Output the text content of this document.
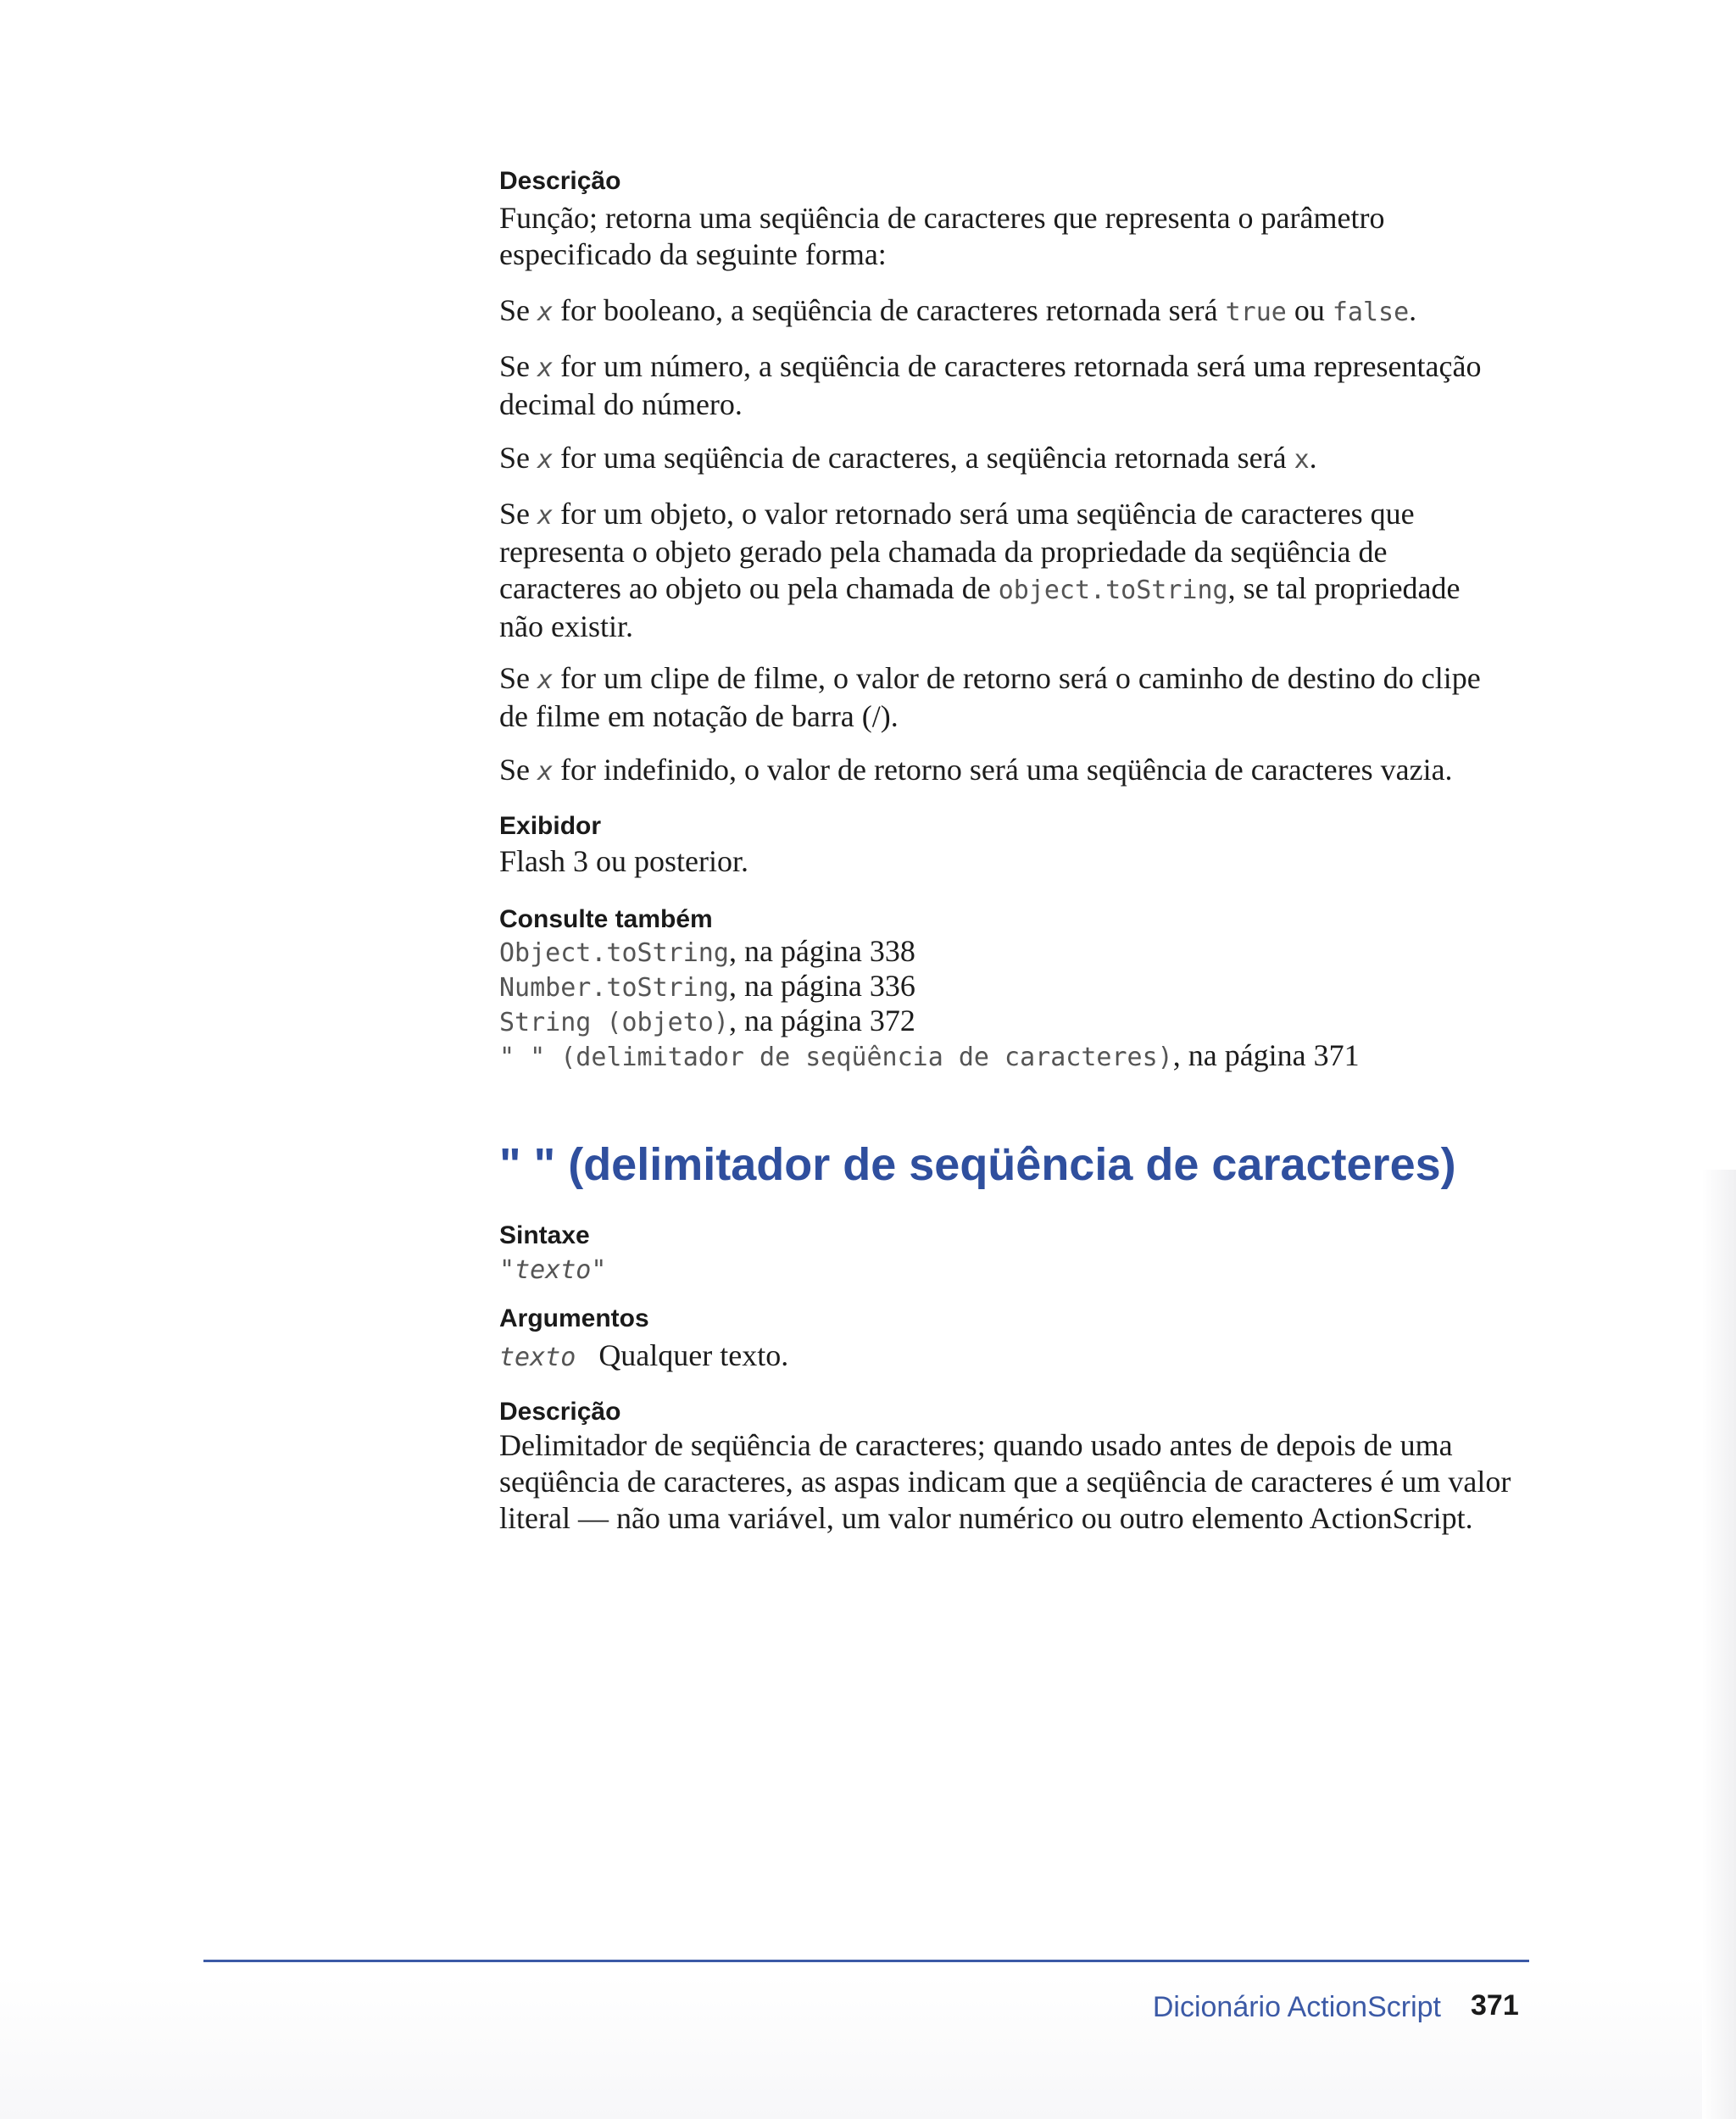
Descrição

Função; retorna uma seqüência de caracteres que representa o parâmetro

especificado da seguinte forma:

Se x for booleano, a seqüência de caracteres retornada será true ou false.

Se x for um número, a seqüência de caracteres retornada será uma representação

decimal do número.

Se x for uma seqüência de caracteres, a seqüência retornada será x.

Se x for um objeto, o valor retornado será uma seqüência de caracteres que

representa o objeto gerado pela chamada da propriedade da seqüência de

caracteres ao objeto ou pela chamada de object.toString, se tal propriedade

não existir.

Se x for um clipe de filme, o valor de retorno será o caminho de destino do clipe

de filme em notação de barra (/).

Se x for indefinido, o valor de retorno será uma seqüência de caracteres vazia.

Exibidor

Flash 3 ou posterior.

Consulte também

Object.toString, na página 338

Number.toString, na página 336

String (objeto), na página 372

" " (delimitador de seqüência de caracteres), na página 371

" " (delimitador de seqüência de caracteres)

Sintaxe

"texto"

Argumentos

texto Qualquer texto.

Descrição

Delimitador de seqüência de caracteres; quando usado antes de depois de uma

seqüência de caracteres, as aspas indicam que a seqüência de caracteres é um valor

literal — não uma variável, um valor numérico ou outro elemento ActionScript.

Dicionário ActionScript 371
